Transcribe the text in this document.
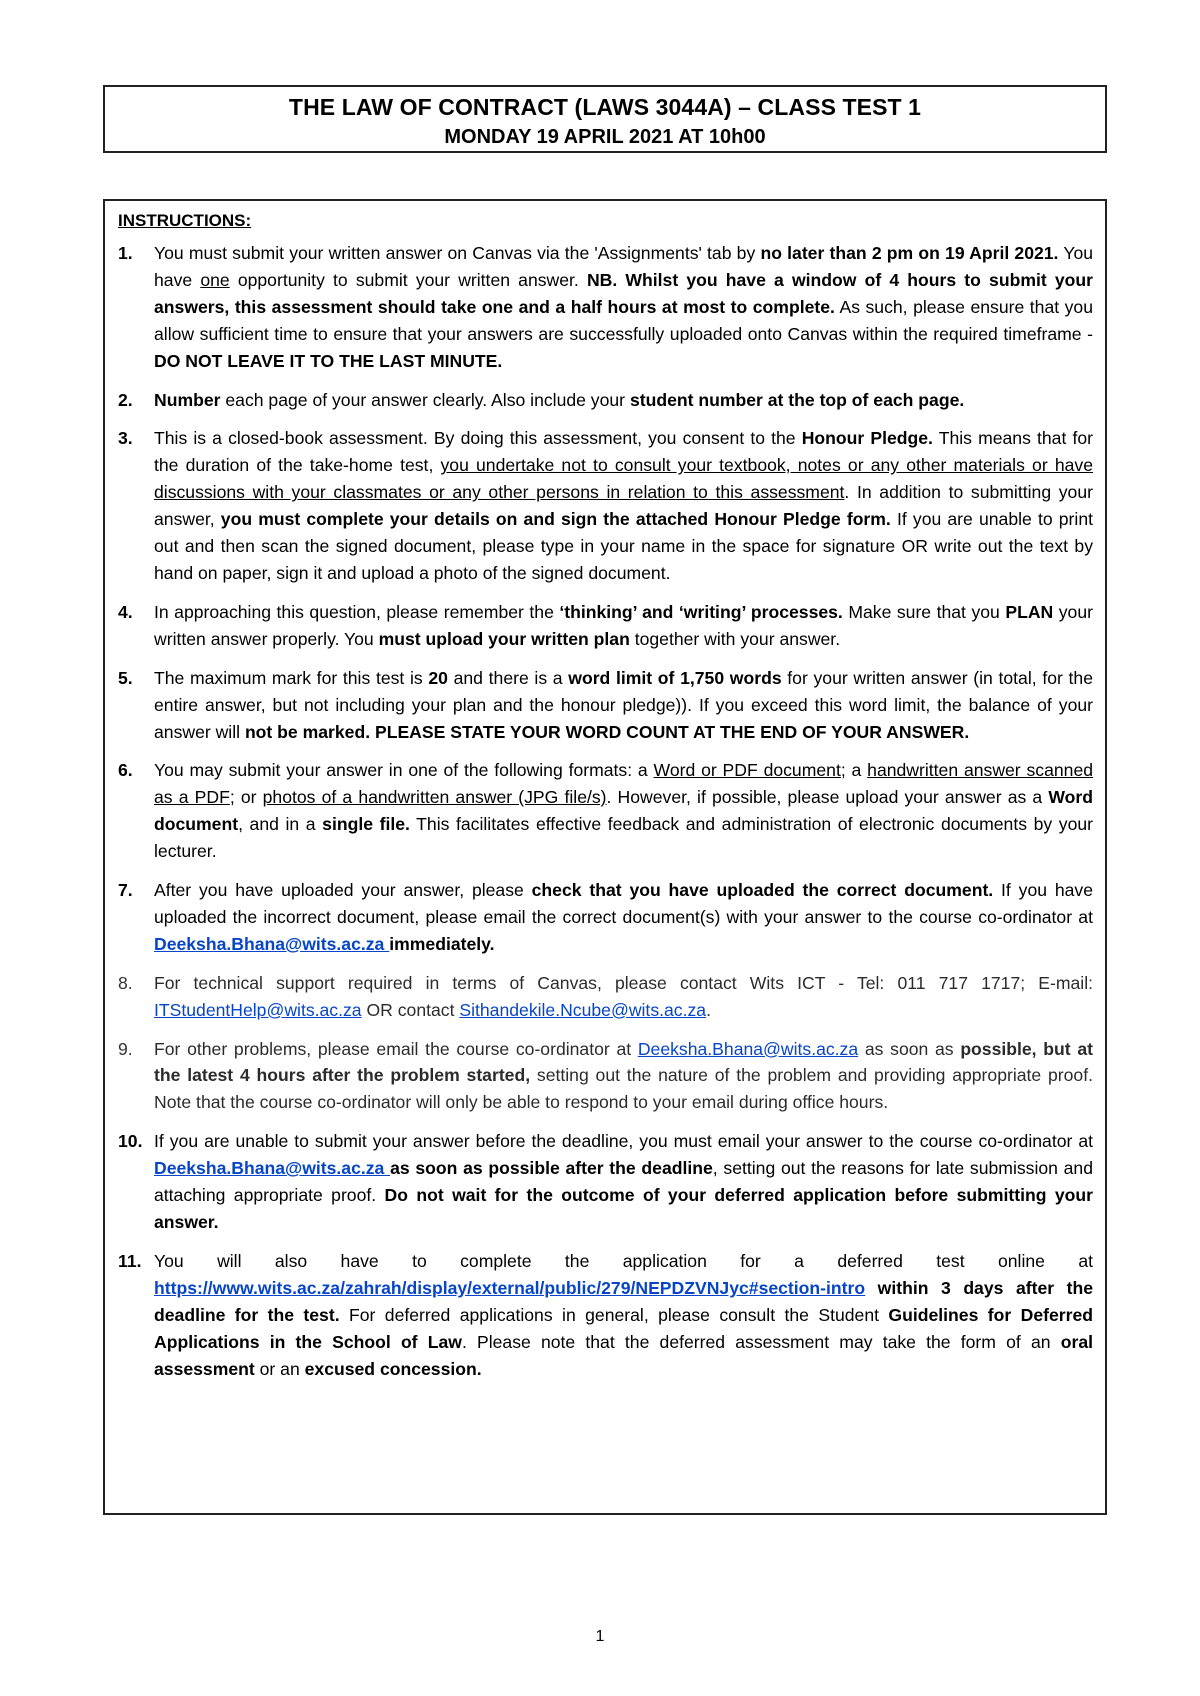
THE LAW OF CONTRACT (LAWS 3044A) – CLASS TEST 1
MONDAY 19 APRIL 2021 AT 10h00
INSTRUCTIONS:
1. You must submit your written answer on Canvas via the 'Assignments' tab by no later than 2 pm on 19 April 2021. You have one opportunity to submit your written answer. NB. Whilst you have a window of 4 hours to submit your answers, this assessment should take one and a half hours at most to complete. As such, please ensure that you allow sufficient time to ensure that your answers are successfully uploaded onto Canvas within the required timeframe - DO NOT LEAVE IT TO THE LAST MINUTE.
2. Number each page of your answer clearly. Also include your student number at the top of each page.
3. This is a closed-book assessment. By doing this assessment, you consent to the Honour Pledge. This means that for the duration of the take-home test, you undertake not to consult your textbook, notes or any other materials or have discussions with your classmates or any other persons in relation to this assessment. In addition to submitting your answer, you must complete your details on and sign the attached Honour Pledge form. If you are unable to print out and then scan the signed document, please type in your name in the space for signature OR write out the text by hand on paper, sign it and upload a photo of the signed document.
4. In approaching this question, please remember the ‘thinking’ and ‘writing’ processes. Make sure that you PLAN your written answer properly. You must upload your written plan together with your answer.
5. The maximum mark for this test is 20 and there is a word limit of 1,750 words for your written answer (in total, for the entire answer, but not including your plan and the honour pledge)). If you exceed this word limit, the balance of your answer will not be marked. PLEASE STATE YOUR WORD COUNT AT THE END OF YOUR ANSWER.
6. You may submit your answer in one of the following formats: a Word or PDF document; a handwritten answer scanned as a PDF; or photos of a handwritten answer (JPG file/s). However, if possible, please upload your answer as a Word document, and in a single file. This facilitates effective feedback and administration of electronic documents by your lecturer.
7. After you have uploaded your answer, please check that you have uploaded the correct document. If you have uploaded the incorrect document, please email the correct document(s) with your answer to the course co-ordinator at Deeksha.Bhana@wits.ac.za immediately.
8. For technical support required in terms of Canvas, please contact Wits ICT - Tel: 011 717 1717; E-mail: ITStudentHelp@wits.ac.za OR contact Sithandekile.Ncube@wits.ac.za.
9. For other problems, please email the course co-ordinator at Deeksha.Bhana@wits.ac.za as soon as possible, but at the latest 4 hours after the problem started, setting out the nature of the problem and providing appropriate proof. Note that the course co-ordinator will only be able to respond to your email during office hours.
10. If you are unable to submit your answer before the deadline, you must email your answer to the course co-ordinator at Deeksha.Bhana@wits.ac.za as soon as possible after the deadline, setting out the reasons for late submission and attaching appropriate proof. Do not wait for the outcome of your deferred application before submitting your answer.
11. You will also have to complete the application for a deferred test online at https://www.wits.ac.za/zahrah/display/external/public/279/NEPDZVNJyc#section-intro within 3 days after the deadline for the test. For deferred applications in general, please consult the Student Guidelines for Deferred Applications in the School of Law. Please note that the deferred assessment may take the form of an oral assessment or an excused concession.
1
